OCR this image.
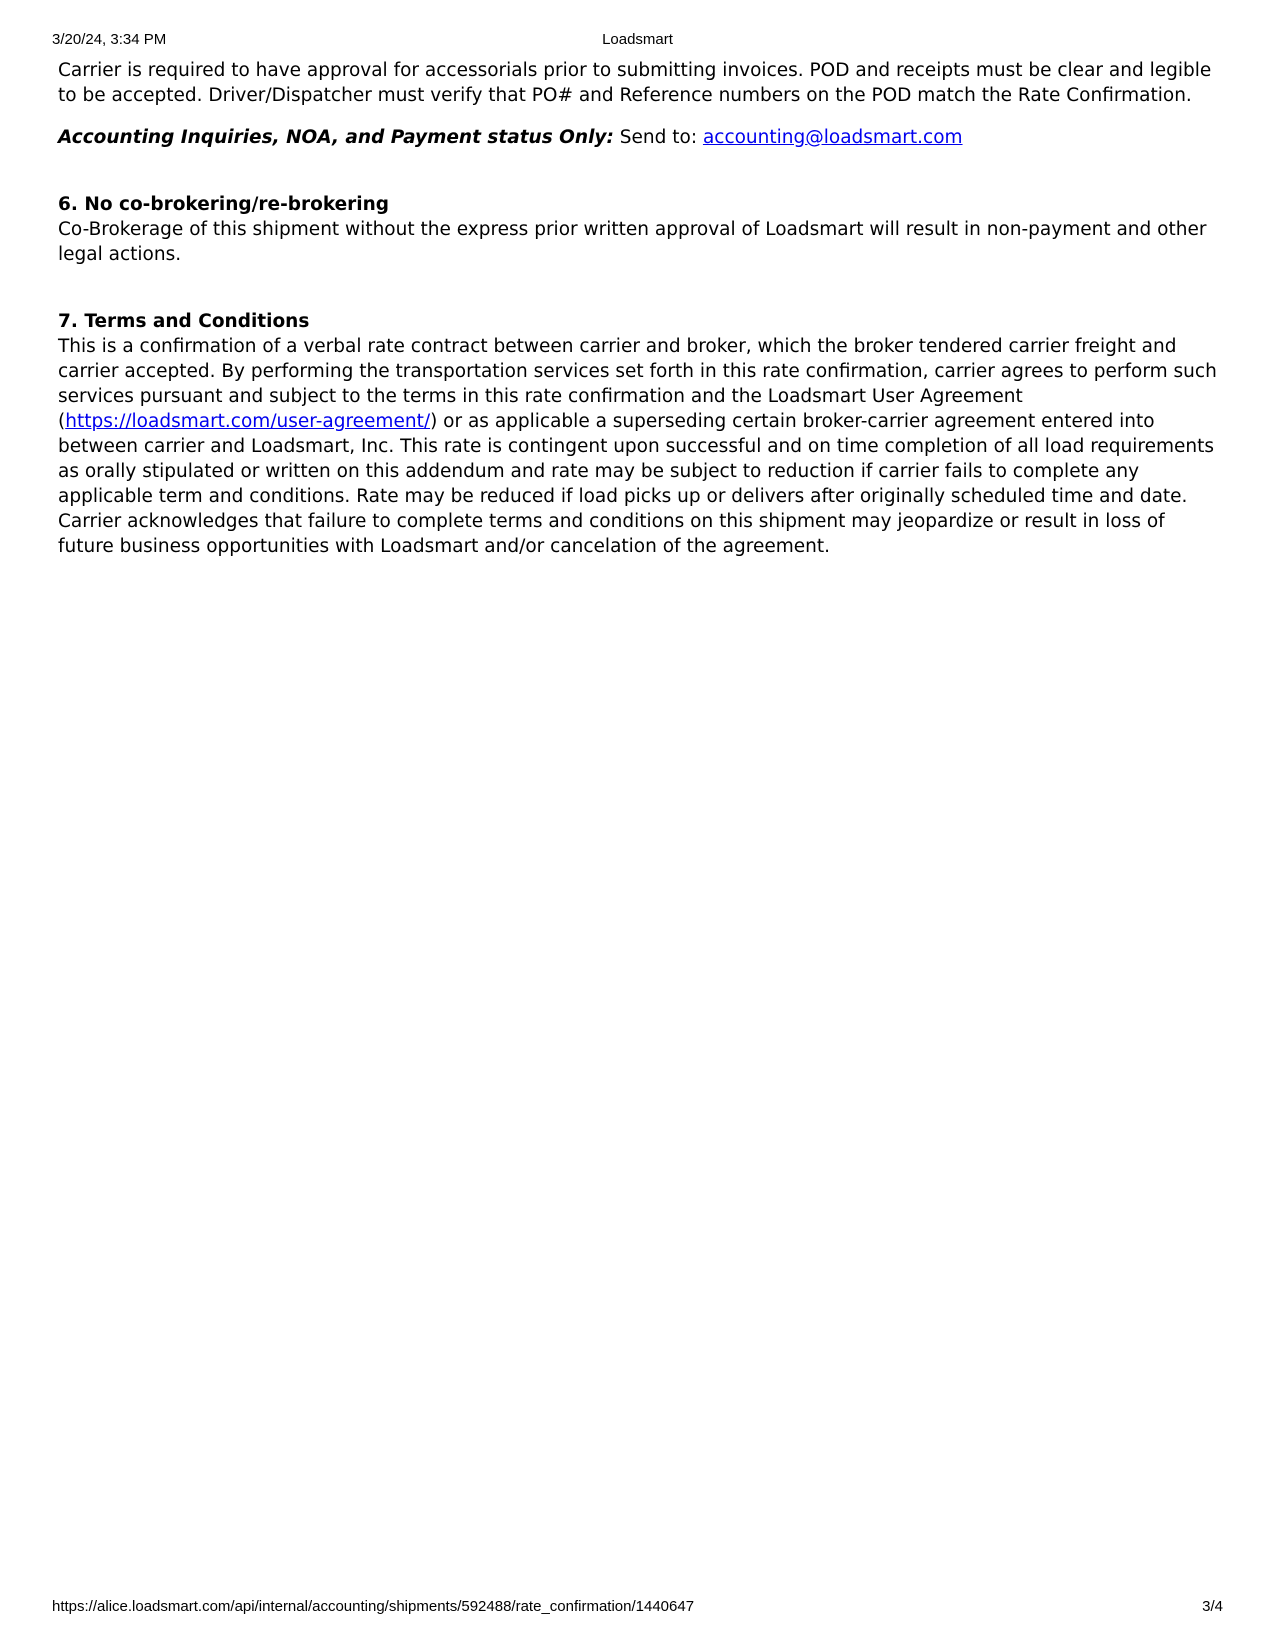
3/20/24, 3:34 PM	Loadsmart

Carrier is required to have approval for accessorials prior to submitting invoices. POD and receipts must be clear and legible to be accepted. Driver/Dispatcher must verify that PO# and Reference numbers on the POD match the Rate Confirmation.

Accounting Inquiries, NOA, and Payment status Only: Send to: accounting@loadsmart.com

6. No co-brokering/re-brokering

Co-Brokerage of this shipment without the express prior written approval of Loadsmart will result in non-payment and other legal actions.

7. Terms and Conditions

This is a confirmation of a verbal rate contract between carrier and broker, which the broker tendered carrier freight and carrier accepted. By performing the transportation services set forth in this rate confirmation, carrier agrees to perform such services pursuant and subject to the terms in this rate confirmation and the Loadsmart User Agreement (https://loadsmart.com/user-agreement/) or as applicable a superseding certain broker-carrier agreement entered into between carrier and Loadsmart, Inc. This rate is contingent upon successful and on time completion of all load requirements as orally stipulated or written on this addendum and rate may be subject to reduction if carrier fails to complete any applicable term and conditions. Rate may be reduced if load picks up or delivers after originally scheduled time and date. Carrier acknowledges that failure to complete terms and conditions on this shipment may jeopardize or result in loss of future business opportunities with Loadsmart and/or cancelation of the agreement.

https://alice.loadsmart.com/api/internal/accounting/shipments/592488/rate_confirmation/1440647	3/4
